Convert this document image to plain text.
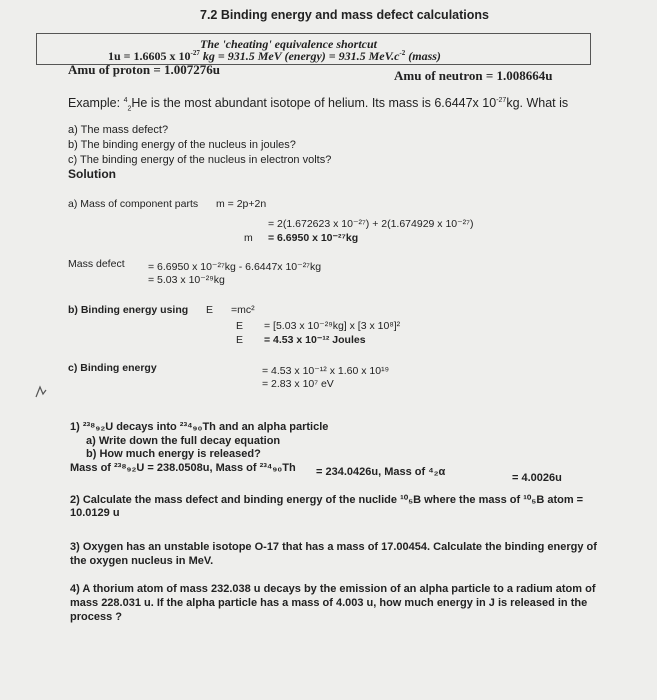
7.2 Binding energy and mass defect calculations
The 'cheating' equivalence shortcut
1u = 1.6605 x $10^{-27}$ kg = 931.5 MeV (energy) = 931.5 $MeV.c^{-2}$ (mass)
Amu of proton = 1.007276u	Amu of neutron = 1.008664u
Example: $^4_2$He is the most abundant isotope of helium. Its mass is 6.6447x $10^{-27}kg$. What is
a) The mass defect?
b) The binding energy of the nucleus in joules?
c) The binding energy of the nucleus in electron volts?
Solution
a) Mass of component parts m = 2p+2n
= 2(1.672623 x 10⁻²⁷) + 2(1.674929 x 10⁻²⁷)
m = 6.6950 x 10⁻²⁷kg
Mass defect = 6.6950 x 10⁻²⁷kg - 6.6447x 10⁻²⁷kg
= 5.03 x 10⁻²⁹kg
b) Binding energy using E =mc²
E = [5.03 x 10⁻²⁹kg] x [3 x 10⁸]²
E = 4.53 x 10⁻¹² Joules
c) Binding energy	= 4.53 x 10⁻¹² x 1.60 x 10¹⁹
= 2.83 x 10⁷ eV
1) ²³⁸₉₂U decays into ²³⁴₉₀Th and an alpha particle
a) Write down the full decay equation
b) How much energy is released?
Mass of ²³⁸₉₂U = 238.0508u, Mass of ²³⁴₉₀Th = 234.0426u, Mass of ⁴₂α	= 4.0026u
2) Calculate the mass defect and binding energy of the nuclide ¹⁰₅B where the mass of ¹⁰₅B atom =
10.0129 u
3) Oxygen has an unstable isotope O-17 that has a mass of 17.00454. Calculate the binding energy of
the oxygen nucleus in MeV.
4) A thorium atom of mass 232.038 u decays by the emission of an alpha particle to a radium atom of
mass 228.031 u. If the alpha particle has a mass of 4.003 u, how much energy in J is released in the
process ?
